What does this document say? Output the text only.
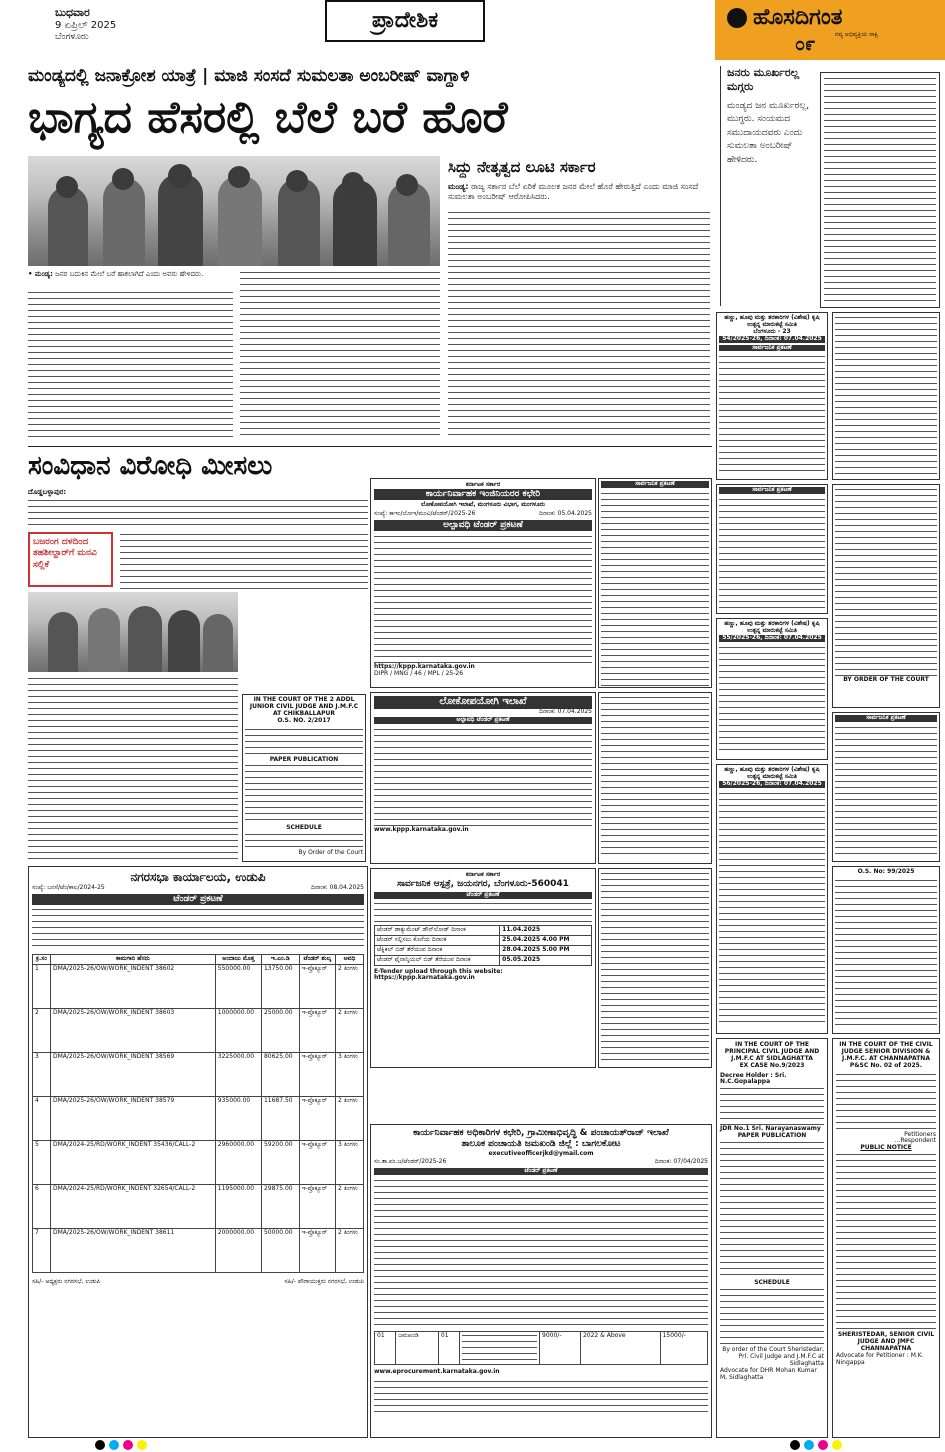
ಬುಧವಾರ
9 ಏಪ್ರಿಲ್ 2025
ಬೆಂಗಳೂರು
ಪ್ರಾದೇಶಿಕ	ಹೊಸದಿಗಂತ
ನವ್ಯ ಅಭಿವ್ಯಕ್ತಿಯ ಸಾಕ್ಷಿ
೦೯
ಮಂಡ್ಯದಲ್ಲಿ ಜನಾಕ್ರೋಶ ಯಾತ್ರೆ | ಮಾಜಿ ಸಂಸದೆ ಸುಮಲತಾ ಅಂಬರೀಷ್ ವಾಗ್ದಾಳಿ
ಭಾಗ್ಯದ ಹೆಸರಲ್ಲಿ ಬೆಲೆ ಬರೆ ಹೊರೆ
ಸಿದ್ದು ನೇತೃತ್ವದ ಲೂಟಿ ಸರ್ಕಾರ
ಮಂಡ್ಯ: ರಾಜ್ಯ ಸರ್ಕಾರ ಬೆಲೆ ಏರಿಕೆ ಮೂಲಕ ಜನರ ಮೇಲೆ ಹೊರೆ ಹೇರುತ್ತಿದೆ ಎಂದು ಮಾಜಿ ಸಂಸದೆ ಸುಮಲತಾ ಅಂಬರೀಷ್ ಆರೋಪಿಸಿದರು.
• ಮಂಡ್ಯ: ಜನರ ಬದುಕಿನ ಮೇಲೆ ಬರೆ ಹಾಕಲಾಗಿದೆ ಎಂದು ಅವರು ಹೇಳಿದರು.
ಜನರು ಮೂರ್ಖರಲ್ಲ ಮಗ್ಗರು
ಮಂಡ್ಯದ ಜನ ಮೂರ್ಖರಲ್ಲ, ಮುಗ್ಧರು. ಸಂಯಮದ ಸಮುದಾಯದವರು ಎಂದು ಸುಮಲತಾ ಅಂಬರೀಷ್ ಹೇಳಿದರು.
ಹಣ್ಣು, ಹೂವು ಮತ್ತು ತರಕಾರಿಗಳ (ವಿಶೇಷ) ಕೃಷಿ ಉತ್ಪನ್ನ ಮಾರುಕಟ್ಟೆ ಸಮಿತಿ
ಬೆಂಗಳೂರು - 23
54/2025-26, ದಿನಾಂಕ: 07.04.2025
ಸಾರ್ವಜನಿಕ ಪ್ರಕಟಣೆ
ಸಾರ್ವಜನಿಕ ಪ್ರಕಟಣೆ
ಹಣ್ಣು, ಹೂವು ಮತ್ತು ತರಕಾರಿಗಳ (ವಿಶೇಷ) ಕೃಷಿ ಉತ್ಪನ್ನ ಮಾರುಕಟ್ಟೆ ಸಮಿತಿ
55/2025-26, ದಿನಾಂಕ: 07.04.2025
BY ORDER OF THE COURT
ಸಾರ್ವಜನಿಕ ಪ್ರಕಟಣೆ
ಹಣ್ಣು, ಹೂವು ಮತ್ತು ತರಕಾರಿಗಳ (ವಿಶೇಷ) ಕೃಷಿ ಉತ್ಪನ್ನ ಮಾರುಕಟ್ಟೆ ಸಮಿತಿ
56/2025-26, ದಿನಾಂಕ: 07.04.2025
O.S. No: 99/2025
IN THE COURT OF THE PRINCIPAL CIVIL JUDGE AND J.M.F.C AT SIDLAGHATTA
EX CASE No.9/2023
Decree Holder : Sri. N.C.Gopalappa
JDR No.1 Sri. Narayanaswamy
PAPER PUBLICATION
SCHEDULE
By order of the Court Sheristedar, Prl. Civil Judge and J.M.F.C at Sidlaghatta
Advocate for DHR Mohan Kumar M, Sidlaghatta
IN THE COURT OF THE CIVIL JUDGE SENIOR DIVISION & J.M.F.C. AT CHANNAPATNA
P&SC No. 02 of 2025.
Petitioners
...Respondent
PUBLIC NOTICE
SHERISTEDAR, SENIOR CIVIL JUDGE AND JMFC CHANNAPATNA
Advocate for Petitioner : M.K. Ningappa
ಸಂವಿಧಾನ ವಿರೋಧಿ ಮೀಸಲು
ದೊಡ್ಡಬಳ್ಳಾಪುರ:
ಬಜರಂಗ ದಳದಿಂದ ತಹಶೀಲ್ದಾರ್‌ಗೆ ಮನವಿ ಸಲ್ಲಿಕೆ
IN THE COURT OF THE 2 ADDL JUNIOR CIVIL JUDGE AND J.M.F.C AT CHIKBALLAPUR
O.S. NO. 2/2017
PAPER PUBLICATION
SCHEDULE
By Order of the Court
ಕರ್ನಾಟಕ ಸರ್ಕಾರ
ಕಾರ್ಯನಿರ್ವಾಹಕ ಇಂಜಿನಿಯರರ ಕಛೇರಿ
ಲೋಕೋಪಯೋಗಿ ಇಲಾಖೆ, ಮಂಗಳೂರು ವಿಭಾಗ, ಮಂಗಳೂರು
ಸಂಖ್ಯೆ: ಕಾಇಂ/ಲೋಇ/ಮಂವಿ/ಟೆಂಡರ್/2025-26	ದಿನಾಂಕ: 05.04.2025
ಅಲ್ಪಾವಧಿ ಟೆಂಡರ್ ಪ್ರಕಟಣೆ
https://kppp.karnataka.gov.in
DIPR / MNG / 46 / MPL / 25-26
ಸಾರ್ವಜನಿಕ ಪ್ರಕಟಣೆ
ಲೋಕೋಪಯೋಗಿ ಇಲಾಖೆ
ದಿನಾಂಕ: 07.04.2025
ಅಲ್ಪಾವಧಿ ಟೆಂಡರ್ ಪ್ರಕಟಣೆ
www.kppp.karnataka.gov.in
ನಗರಸಭಾ ಕಾರ್ಯಾಲಯ, ಉಡುಪಿ
ಸಂಖ್ಯೆ: ಬನಸೆ/ಟೆಂ/ಕಾಲ/2024-25	ದಿನಾಂಕ: 08.04.2025
ಟೆಂಡರ್ ಪ್ರಕಟಣೆ
ಕ್ರ.ಸಂ	ಕಾಮಗಾರಿ ಹೆಸರು	ಅಂದಾಜು ಮೊತ್ತ	ಇ.ಎಂ.ಡಿ	ಟೆಂಡರ್ ಶುಲ್ಕ	ಅವಧಿ
1	DMA/2025-26/OW/WORK_INDENT 38602	550000.00	13750.00	ಇ-ಪ್ರೊಕ್ಯೂರ್	2 ತಿಂಗಳು
2	DMA/2025-26/OW/WORK_INDENT 38603	1000000.00	25000.00	ಇ-ಪ್ರೊಕ್ಯೂರ್	2 ತಿಂಗಳು
3	DMA/2025-26/OW/WORK_INDENT 38569	3225000.00	80625.00	ಇ-ಪ್ರೊಕ್ಯೂರ್	3 ತಿಂಗಳು
4	DMA/2025-26/OW/WORK_INDENT 38579	935000.00	11687.50	ಇ-ಪ್ರೊಕ್ಯೂರ್	2 ತಿಂಗಳು
5	DMA/2024-25/RD/WORK_INDENT 35436/CALL-2	2960000.00	59200.00	ಇ-ಪ್ರೊಕ್ಯೂರ್	3 ತಿಂಗಳು
6	DMA/2024-25/RD/WORK_INDENT 32654/CALL-2	1195000.00	29875.00	ಇ-ಪ್ರೊಕ್ಯೂರ್	2 ತಿಂಗಳು
7	DMA/2025-26/OW/WORK_INDENT 38611	2000000.00	50000.00	ಇ-ಪ್ರೊಕ್ಯೂರ್	2 ತಿಂಗಳು
ಸಹಿ/- ಅಧ್ಯಕ್ಷರು ನಗರಸಭೆ, ಉಡುಪಿ	ಸಹಿ/- ಪೌರಾಯುಕ್ತರು ನಗರಸಭೆ, ಉಡುಪಿ
ಕರ್ನಾಟಕ ಸರ್ಕಾರ
ಸಾರ್ವಜನಿಕ ಆಸ್ಪತ್ರೆ, ಜಯನಗರ, ಬೆಂಗಳೂರು-560041
ಟೆಂಡರ್ ಪ್ರಕಟಣೆ
ಟೆಂಡರ್ ಡಾಕ್ಯುಮೆಂಟ್ ಡೌನ್‌ಲೋಡ್ ದಿನಾಂಕ	11.04.2025
ಟೆಂಡರ್ ಸಲ್ಲಿಸಲು ಕೊನೆಯ ದಿನಾಂಕ	25.04.2025 4.00 PM
ಟೆಕ್ನಿಕಲ್ ಬಿಡ್ ತೆರೆಯುವ ದಿನಾಂಕ	28.04.2025 5.00 PM
ಟೆಂಡರ್ ಫೈನಾನ್ಶಿಯಲ್ ಬಿಡ್ ತೆರೆಯುವ ದಿನಾಂಕ	05.05.2025
E-Tender upload through this website: https://kppp.karnataka.gov.in
ಕಾರ್ಯನಿರ್ವಾಹಕ ಅಧಿಕಾರಿಗಳ ಕಛೇರಿ, ಗ್ರಾಮೀಣಾಭಿವೃದ್ಧಿ & ಪಂಚಾಯತ್‌ರಾಜ್ ಇಲಾಖೆ
ತಾಲೂಕ ಪಂಚಾಯತಿ ಜಮಖಂಡಿ ಜಿಲ್ಲೆ : ಬಾಗಲಕೋಟ
executiveofficerjkd@ymail.com
ಸಂ.ತಾ.ಪಂ.ಜ/ಟೆಂಡರ್/2025-26	ದಿನಾಂಕ: 07/04/2025
ಟೆಂಡರ್ ಪ್ರಕಟಣೆ
01	ಜಮಖಂಡಿ	01		9000/-	2022 & Above	15000/-
www.eprocurement.karnataka.gov.in
